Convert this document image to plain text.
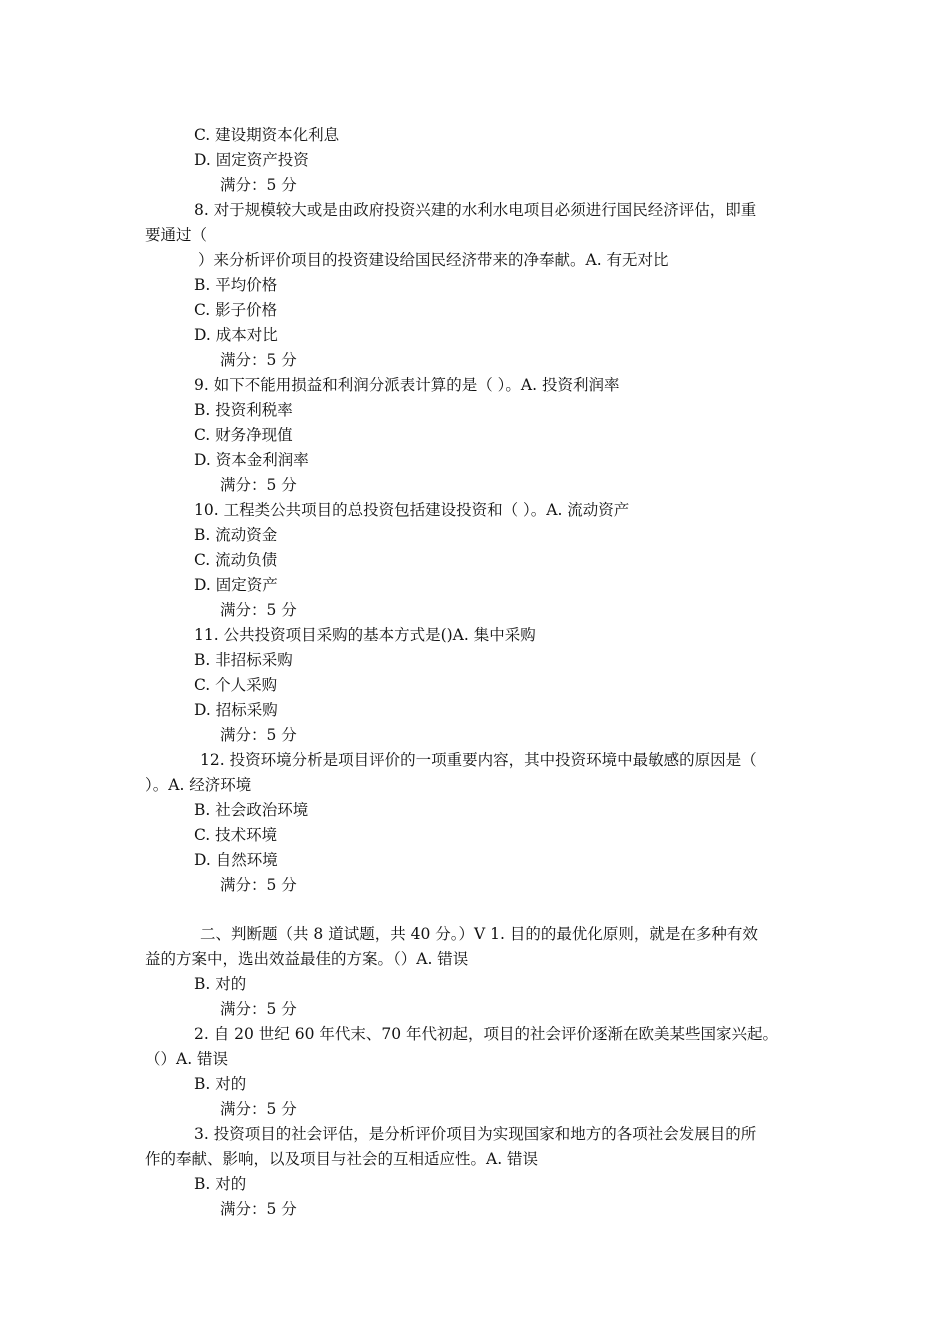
C. 建设期资本化利息
D. 固定资产投资
满分：5 分
8. 对于规模较大或是由政府投资兴建的水利水电项目必须进行国民经济评估，即重
要通过（
）来分析评价项目的投资建设给国民经济带来的净奉献。A. 有无对比
B. 平均价格
C. 影子价格
D. 成本对比
满分：5 分
9. 如下不能用损益和利润分派表计算的是（ ）。A. 投资利润率
B. 投资利税率
C. 财务净现值
D. 资本金利润率
满分：5 分
10. 工程类公共项目的总投资包括建设投资和（ ）。A. 流动资产
B. 流动资金
C. 流动负债
D. 固定资产
满分：5 分
11. 公共投资项目采购的基本方式是()A. 集中采购
B. 非招标采购
C. 个人采购
D. 招标采购
满分：5 分
12. 投资环境分析是项目评价的一项重要内容，其中投资环境中最敏感的原因是（
）。A. 经济环境
B. 社会政治环境
C. 技术环境
D. 自然环境
满分：5 分
二、判断题（共 8 道试题，共 40 分。）V 1. 目的的最优化原则，就是在多种有效
益的方案中，选出效益最佳的方案。（）A. 错误
B. 对的
满分：5 分
2. 自 20 世纪 60 年代末、70 年代初起，项目的社会评价逐渐在欧美某些国家兴起。
（）A. 错误
B. 对的
满分：5 分
3. 投资项目的社会评估，是分析评价项目为实现国家和地方的各项社会发展目的所
作的奉献、影响，以及项目与社会的互相适应性。A. 错误
B. 对的
满分：5 分
